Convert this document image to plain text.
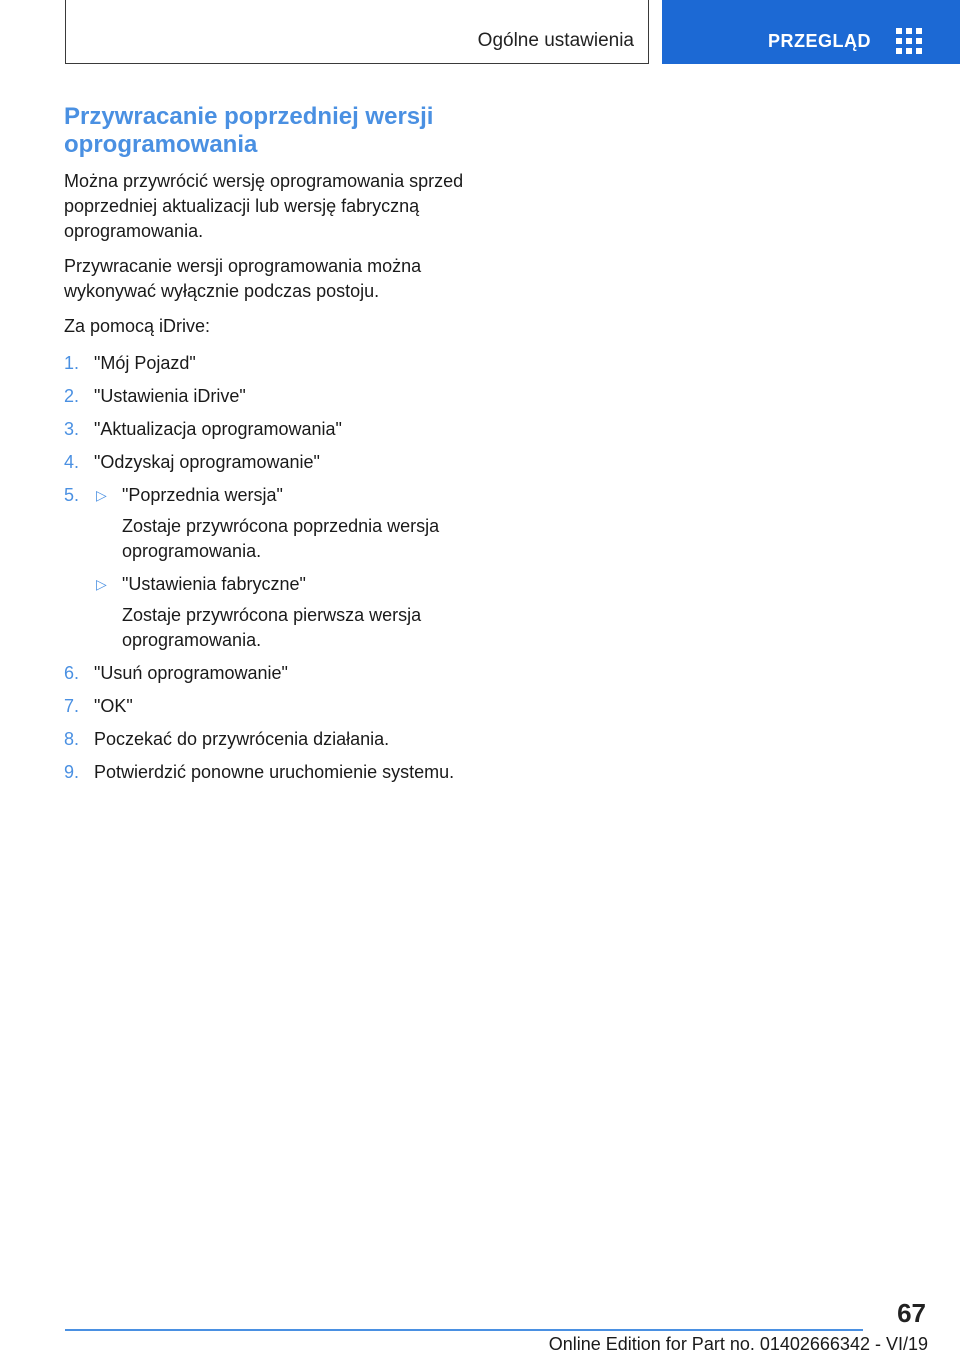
Ogólne ustawienia	PRZEGLĄD
Przywracanie poprzedniej wersji oprogramowania

Można przywrócić wersję oprogramowania sprzed poprzedniej aktualizacji lub wersję fabryczną oprogramowania.

Przywracanie wersji oprogramowania można wykonywać wyłącznie podczas postoju.

Za pomocą iDrive:

1. "Mój Pojazd"
2. "Ustawienia iDrive"
3. "Aktualizacja oprogramowania"
4. "Odzyskaj oprogramowanie"
5. ▷ "Poprzednia wersja"
Zostaje przywrócona poprzednia wersja oprogramowania.
▷ "Ustawienia fabryczne"
Zostaje przywrócona pierwsza wersja oprogramowania.
6. "Usuń oprogramowanie"
7. "OK"
8. Poczekać do przywrócenia działania.
9. Potwierdzić ponowne uruchomienie systemu.
67
Online Edition for Part no. 01402666342 - VI/19
